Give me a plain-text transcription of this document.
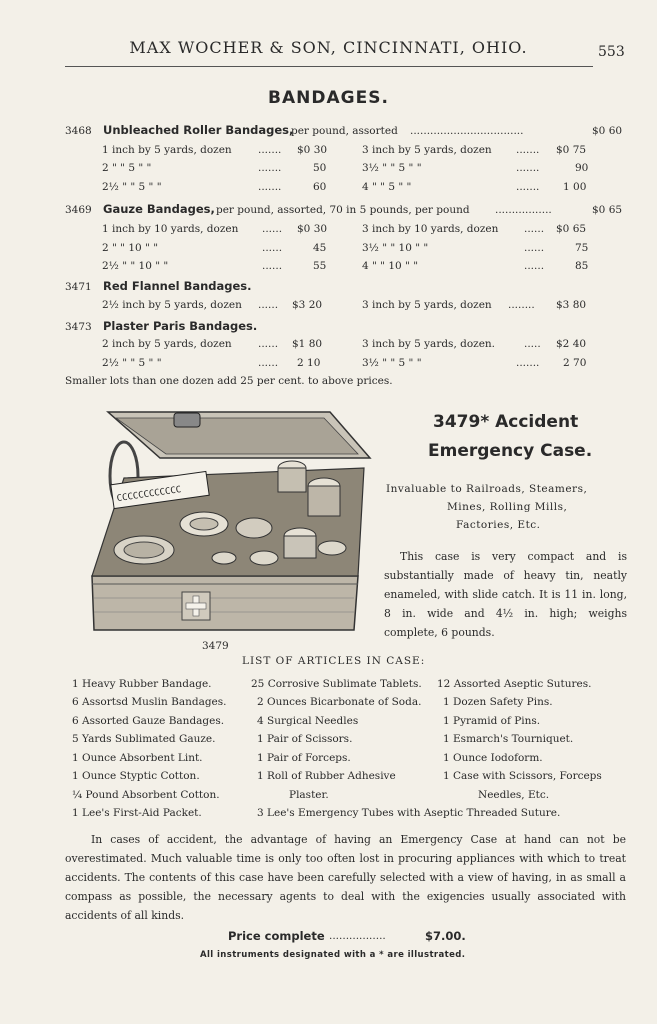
MAX WOCHER & SON, CINCINNATI, OHIO.	553
BANDAGES.
3468 Unbleached Roller Bandages,
per pound, assorted ..................................	$0 60
1 inch by 5 yards, dozen	....... $0 30	3 inch by 5 yards, dozen ....... $0 75
2 " " 5 " "	.......	50	3½ " " 5 " "	.......	90
2½ " " 5 " "	.......	60	4 " " 5 " "	....... 1 00
3469 Gauze Bandages, per pound, assorted, 70 in 5 pounds, per pound .................	$0 65
1 inch by 10 yards, dozen ...... $0 30	3 inch by 10 yards, dozen ...... $0 65
2 " " 10 " "	......	45	3½ " " 10 " "	......	75
2½ " " 10 " "	......	55	4 " " 10 " "	......	85
3471 Red Flannel Bandages.
2½ inch by 5 yards, dozen ...... $3 20	3 inch by 5 yards, dozen ........ $3 80
3473 Plaster Paris Bandages.
2 inch by 5 yards, dozen	...... $1 80	3 inch by 5 yards, dozen.	..... $2 40
2½ " " 5 " "	...... 2 10	3½ " " 5 " "	....... 2 70
Smaller lots than one dozen add 25 per cent. to above prices.
CCCCCCCCCCCC
3479
3479* Accident
Emergency Case.
Invaluable to Railroads, Steamers,
Mines, Rolling Mills,
Factories, Etc.
This case is very compact and is substantially made of heavy tin, neatly enameled, with slide catch. It is 11 in. long, 8 in. wide and 4½ in. high; weighs complete, 6 pounds.
LIST OF ARTICLES IN CASE:
1 Heavy Rubber Bandage.
6 Assortsd Muslin Bandages.
6 Assorted Gauze Bandages.
5 Yards Sublimated Gauze.
1 Ounce Absorbent Lint.
1 Ounce Styptic Cotton.
¼ Pound Absorbent Cotton.
1 Lee's First-Aid Packet.
25 Corrosive Sublimate Tablets.
2 Ounces Bicarbonate of Soda.
4 Surgical Needles
1 Pair of Scissors.
1 Pair of Forceps.
1 Roll of Rubber Adhesive
Plaster.
12 Assorted Aseptic Sutures.
1 Dozen Safety Pins.
1 Pyramid of Pins.
1 Esmarch's Tourniquet.
1 Ounce Iodoform.
1 Case with Scissors, Forceps
Needles, Etc.
3 Lee's Emergency Tubes with Aseptic Threaded Suture.
In cases of accident, the advantage of having an Emergency Case at hand can not be overestimated. Much valuable time is only too often lost in procuring appliances with which to treat accidents. The contents of this case have been carefully selected with a view of having, in as small a compass as possible, the necessary agents to deal with the exigencies usually associated with accidents of all kinds.
Price complete .................	$7.00.
All instruments designated with a * are illustrated.
